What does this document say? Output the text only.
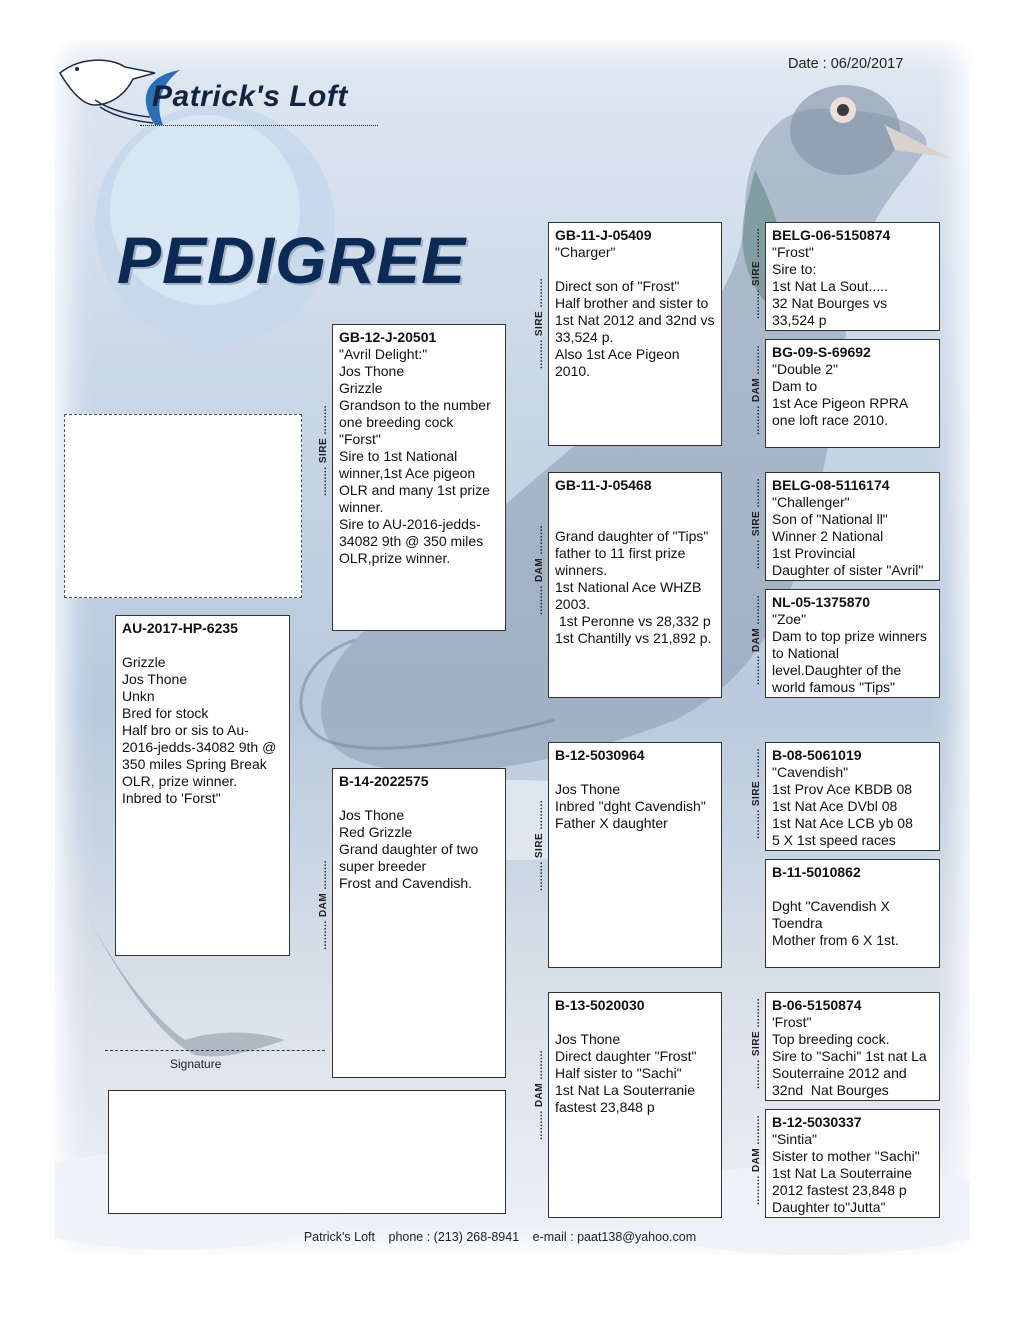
Date : 06/20/2017
Patrick's Loft
PEDIGREE
AU-2017-HP-6235

Grizzle
Jos Thone
Unkn
Bred for stock
Half bro or sis to Au-2016-jedds-34082 9th @ 350 miles Spring Break OLR, prize winner.
Inbred to 'Forst"
......... SIRE .........
GB-12-J-20501
"Avril Delight:"
Jos Thone
Grizzle
Grandson to the number one breeding cock "Forst"
Sire to 1st National winner,1st Ace pigeon OLR and many 1st prize winner.
Sire to AU-2016-jedds-34082 9th @ 350 miles OLR,prize winner.
......... DAM .........
B-14-2022575

Jos Thone
Red Grizzle
Grand daughter of two super breeder
Frost and Cavendish.
......... SIRE .........
GB-11-J-05409
"Charger"

Direct son of "Frost"
Half brother and sister to 1st Nat 2012 and 32nd vs 33,524 p.
Also 1st Ace Pigeon 2010.
......... DAM .........
GB-11-J-05468

Grand daughter of "Tips" father to 11 first prize winners.
1st National Ace WHZB 2003.
1st Peronne vs 28,332 p
1st Chantilly vs 21,892 p.
......... SIRE .........
B-12-5030964

Jos Thone
Inbred "dght Cavendish"
Father X daughter
......... DAM .........
B-13-5020030

Jos Thone
Direct daughter "Frost"
Half sister to "Sachi"
1st Nat La Souterranie fastest 23,848 p
......... SIRE ......... BELG-06-5150874
"Frost"
Sire to:
1st Nat La Sout.....
32 Nat Bourges vs 33,524 p
......... DAM ......... BG-09-S-69692
"Double 2"
Dam to
1st Ace Pigeon RPRA one loft race 2010.
......... SIRE ......... BELG-08-5116174
"Challenger"
Son of "National ll"
Winner 2 National
1st Provincial
Daughter of sister "Avril"
......... DAM ......... NL-05-1375870
"Zoe"
Dam to top prize winners to National level.Daughter of the world famous "Tips"
......... SIRE ......... B-08-5061019
"Cavendish"
1st Prov Ace KBDB 08
1st Nat Ace DVbl 08
1st Nat Ace LCB yb 08
5 X 1st speed races
B-11-5010862

Dght "Cavendish X Toendra
Mother from 6 X 1st.
......... SIRE ......... B-06-5150874
'Frost"
Top breeding cock.
Sire to "Sachi" 1st nat La Souterraine 2012 and 32nd  Nat Bourges
......... DAM ......... B-12-5030337
"Sintia"
Sister to mother "Sachi"
1st Nat La Souterraine 2012 fastest 23,848 p
Daughter to"Jutta"
Signature
Patrick's Loft phone : (213) 268-8941 e-mail : paat138@yahoo.com
